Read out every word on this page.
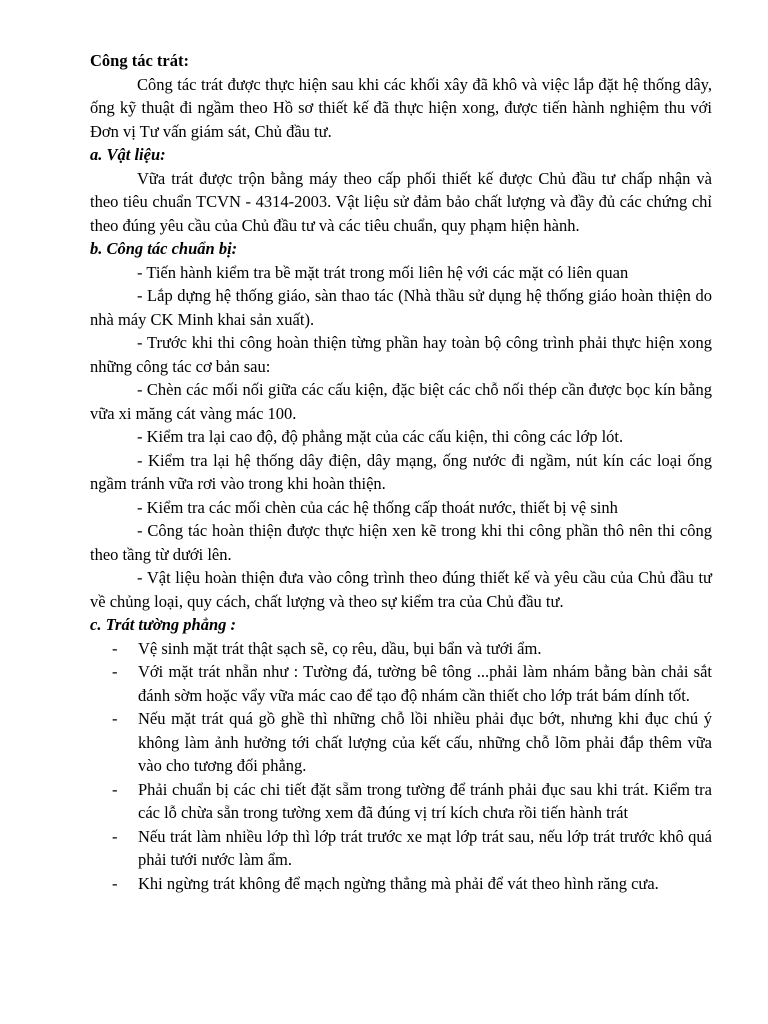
Công tác trát:

Công tác trát được thực hiện sau khi các khối xây đã khô và việc lắp đặt hệ thống dây, ống kỹ thuật đi ngầm theo Hồ sơ thiết kế đã thực hiện xong, được tiến hành nghiệm thu với Đơn vị Tư vấn giám sát, Chủ đầu tư.

a. Vật liệu:

Vữa trát được trộn bằng máy theo cấp phối thiết kế được Chủ đầu tư chấp nhận và theo tiêu chuẩn TCVN - 4314-2003. Vật liệu sử đảm bảo chất lượng và đầy đủ các chứng chỉ theo đúng yêu cầu của Chủ đầu tư và các tiêu chuẩn, quy phạm hiện hành.

b. Công tác chuẩn bị:

- Tiến hành kiểm tra bề mặt trát trong mối liên hệ với các mặt có liên quan

- Lắp dựng hệ thống giáo, sàn thao tác (Nhà thầu sử dụng hệ thống giáo hoàn thiện do nhà máy CK Minh khai sản xuất).

- Trước khi thi công hoàn thiện từng phần hay toàn bộ công trình phải thực hiện xong những công tác cơ bản sau:

- Chèn các mối nối giữa các cấu kiện, đặc biệt các chỗ nối thép cần được bọc kín bằng vữa xi măng cát vàng mác 100.

- Kiểm tra lại cao độ, độ phẳng mặt của các cấu kiện, thi công các lớp lót.

- Kiểm tra lại hệ thống dây điện, dây mạng, ống nước đi ngầm, nút kín các loại ống ngầm tránh vữa rơi vào trong khi hoàn thiện.

- Kiểm tra các mối chèn của các hệ thống cấp thoát nước, thiết bị vệ sinh

- Công tác hoàn thiện được thực hiện xen kẽ trong khi thi công phần thô nên thi công theo tầng từ dưới lên.

- Vật liệu hoàn thiện đưa vào công trình theo đúng thiết kế và yêu cầu của Chủ đầu tư về chủng loại, quy cách, chất lượng và theo sự kiểm tra của Chủ đầu tư.

c. Trát tường phẳng :

- Vệ sinh mặt trát thật sạch sẽ, cọ rêu, dầu, bụi bẩn và tưới ẩm.
- Với mặt trát nhẵn như : Tường đá, tường bê tông ...phải làm nhám bằng bàn chải sắt đánh sờm hoặc vẩy vữa mác cao để tạo độ nhám cần thiết cho lớp trát bám dính tốt.
- Nếu mặt trát quá gồ ghề thì những chỗ lồi nhiều phải đục bớt, nhưng khi đục chú ý không làm ảnh hưởng tới chất lượng của kết cấu, những chỗ lõm phải đắp thêm vữa vào cho tương đối phẳng.
- Phải chuẩn bị các chi tiết đặt sẵm trong tường để tránh phải đục sau khi trát. Kiểm tra các lỗ chừa sẵn trong tường xem đã đúng vị trí kích chưa rồi tiến hành trát
- Nếu trát làm nhiều lớp thì lớp trát trước xe mạt lớp trát sau, nếu lớp trát trước khô quá phải tưới nước làm ẩm.
- Khi ngừng trát không để mạch ngừng thẳng mà phải để vát theo hình răng cưa.
